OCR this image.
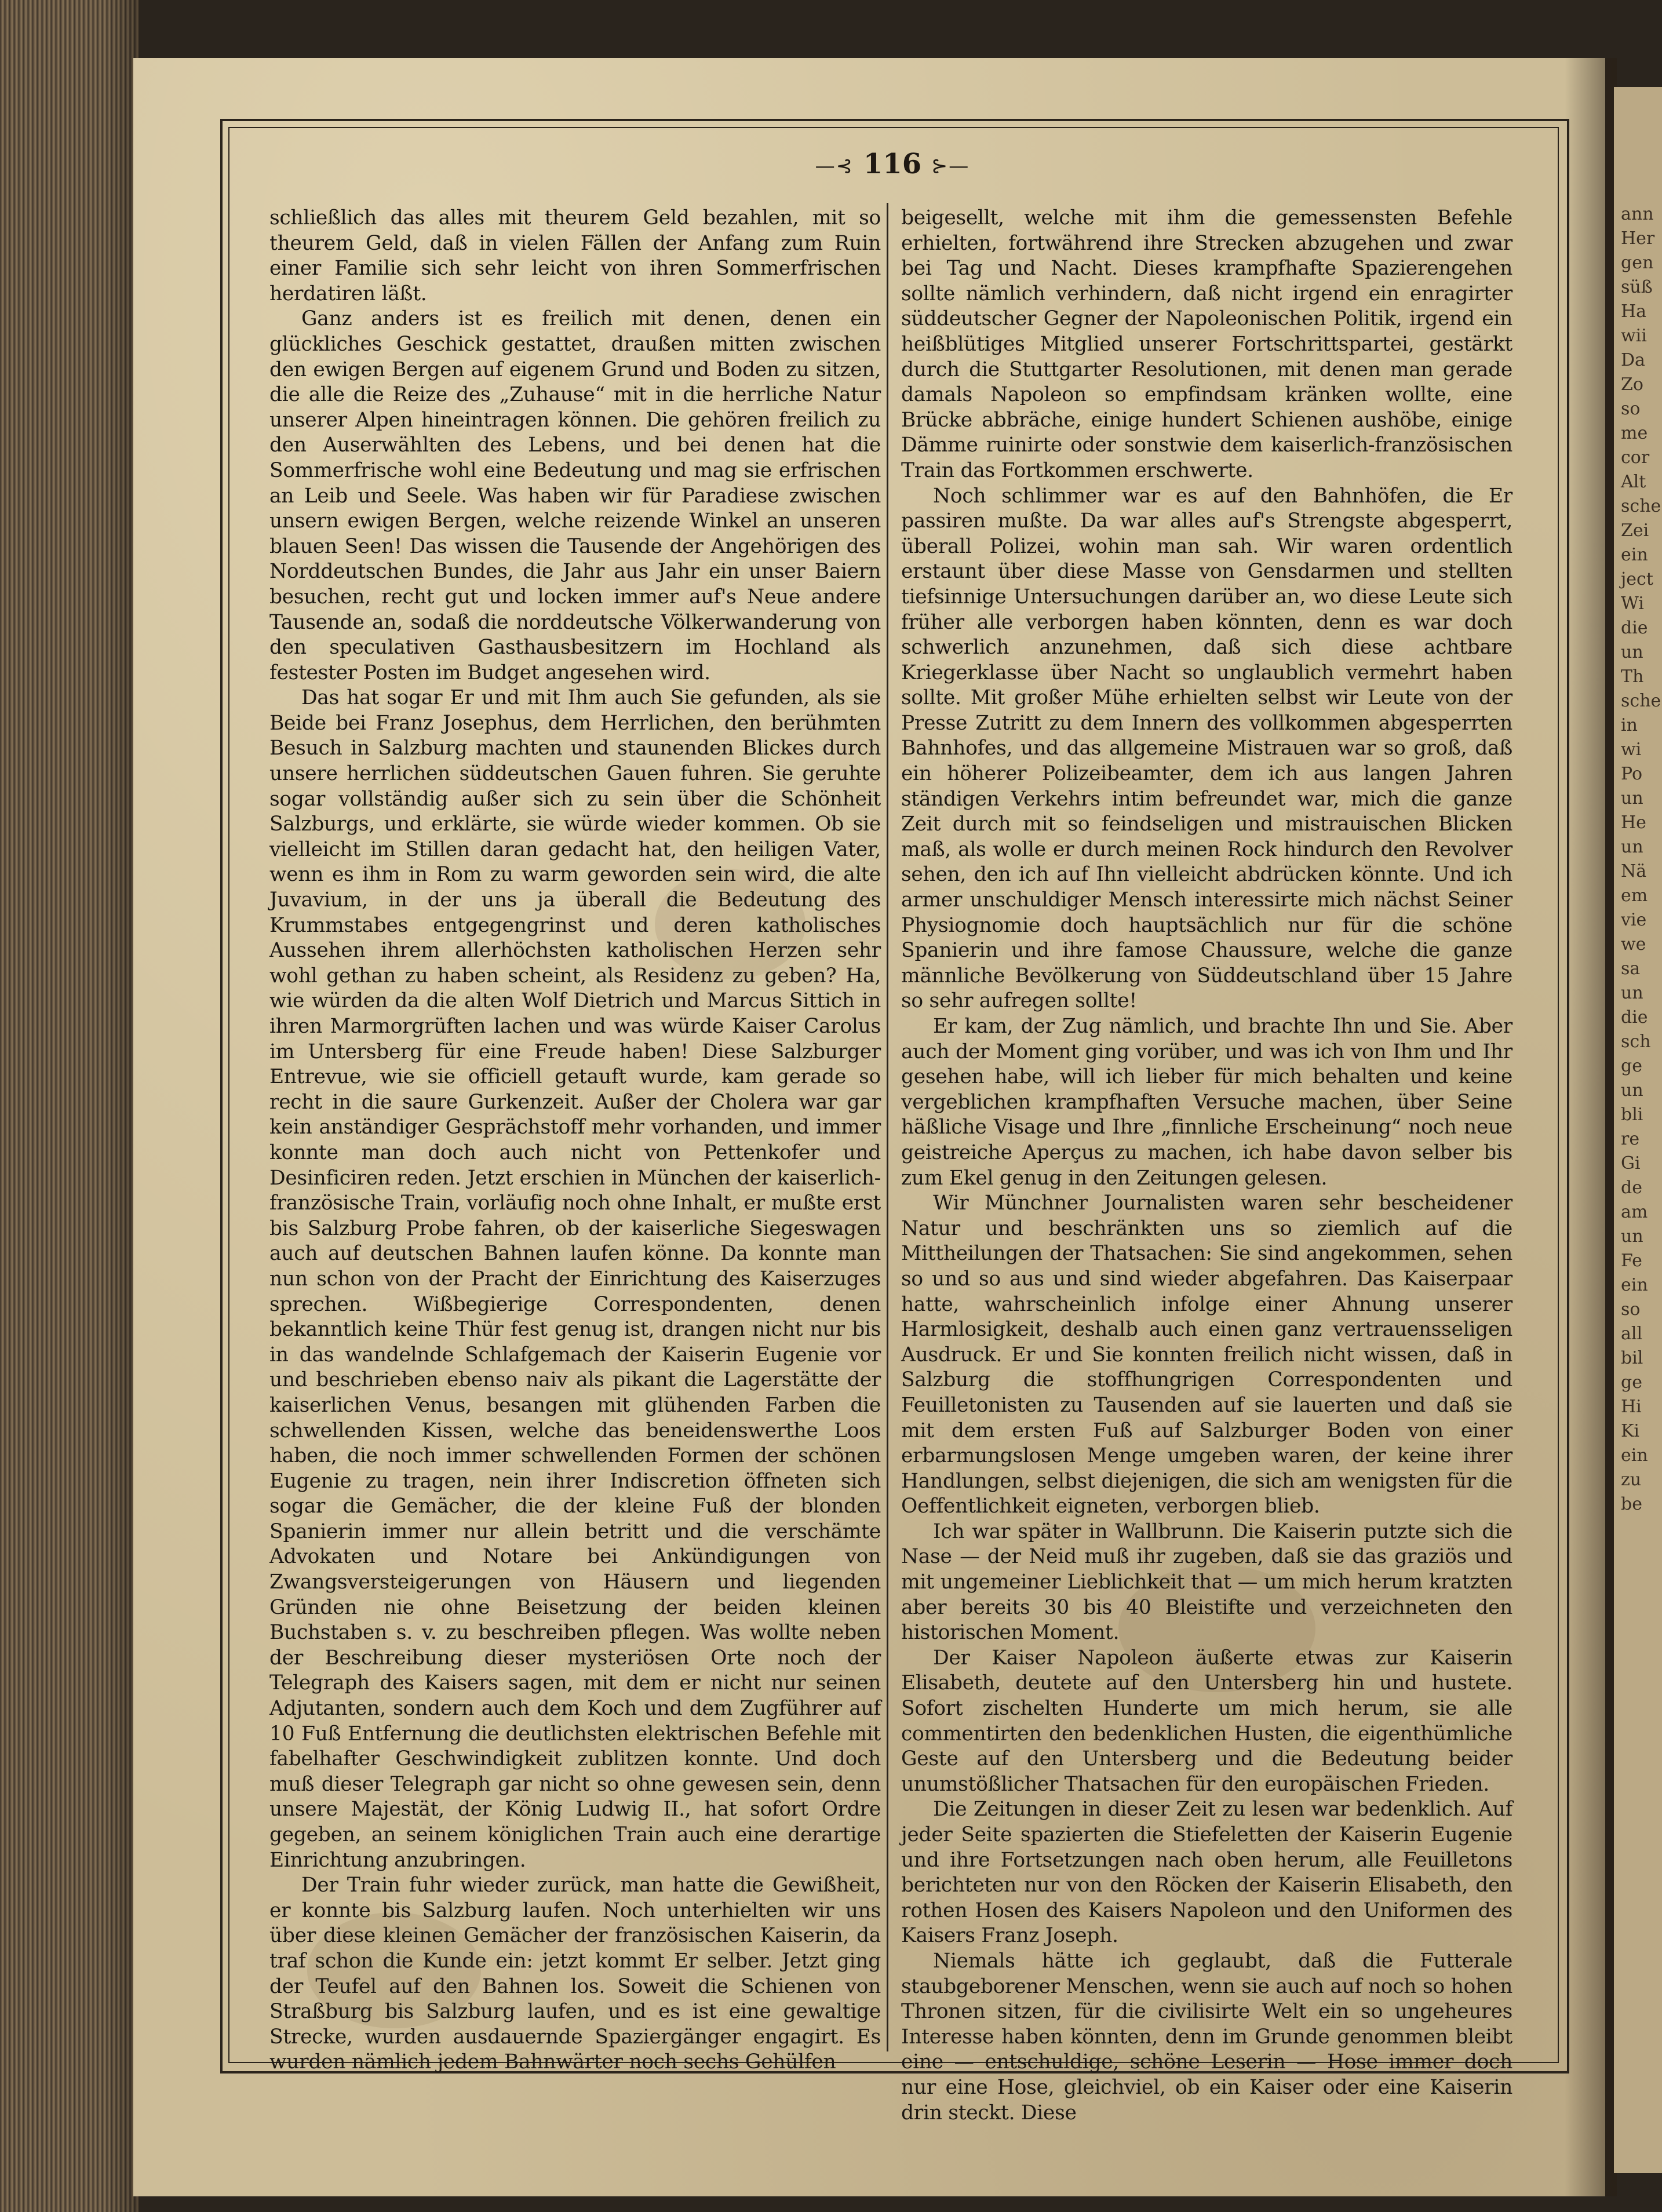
ann
Her
gen
süß
Ha
wii
Da
Zo
so
me
cor
Alt
sche
Zei
ein
ject
Wi
die
un
Th
sche
in
wi
Po
un
He
un
Nä
em
vie
we
sa
un
die
sch
ge
un
bli
re
Gi
de
am
un
Fe
ein
so
all
bil
ge
Hi
Ki
ein
zu
be
—⊰ 116 ⊱—

schließlich das alles mit theurem Geld bezahlen, mit so theurem Geld, daß in vielen Fällen der Anfang zum Ruin einer Familie sich sehr leicht von ihren Sommerfrischen herdatiren läßt.

Ganz anders ist es freilich mit denen, denen ein glückliches Geschick gestattet, draußen mitten zwischen den ewigen Bergen auf eigenem Grund und Boden zu sitzen, die alle die Reize des „Zuhause“ mit in die herrliche Natur unserer Alpen hineintragen können. Die gehören freilich zu den Auserwählten des Lebens, und bei denen hat die Sommerfrische wohl eine Bedeutung und mag sie erfrischen an Leib und Seele. Was haben wir für Paradiese zwischen unsern ewigen Bergen, welche reizende Winkel an unseren blauen Seen! Das wissen die Tausende der Angehörigen des Norddeutschen Bundes, die Jahr aus Jahr ein unser Baiern besuchen, recht gut und locken immer auf's Neue andere Tausende an, sodaß die norddeutsche Völkerwanderung von den speculativen Gasthausbesitzern im Hochland als festester Posten im Budget angesehen wird.

Das hat sogar Er und mit Ihm auch Sie gefunden, als sie Beide bei Franz Josephus, dem Herrlichen, den berühmten Besuch in Salzburg machten und staunenden Blickes durch unsere herrlichen süddeutschen Gauen fuhren. Sie geruhte sogar vollständig außer sich zu sein über die Schönheit Salzburgs, und erklärte, sie würde wieder kommen. Ob sie vielleicht im Stillen daran gedacht hat, den heiligen Vater, wenn es ihm in Rom zu warm geworden sein wird, die alte Juvavium, in der uns ja überall die Bedeutung des Krummstabes entgegengrinst und deren katholisches Aussehen ihrem allerhöchsten katholischen Herzen sehr wohl gethan zu haben scheint, als Residenz zu geben? Ha, wie würden da die alten Wolf Dietrich und Marcus Sittich in ihren Marmorgrüften lachen und was würde Kaiser Carolus im Untersberg für eine Freude haben! Diese Salzburger Entrevue, wie sie officiell getauft wurde, kam gerade so recht in die saure Gurkenzeit. Außer der Cholera war gar kein anständiger Gesprächstoff mehr vorhanden, und immer konnte man doch auch nicht von Pettenkofer und Desinficiren reden. Jetzt erschien in München der kaiserlich-französische Train, vorläufig noch ohne Inhalt, er mußte erst bis Salzburg Probe fahren, ob der kaiserliche Siegeswagen auch auf deutschen Bahnen laufen könne. Da konnte man nun schon von der Pracht der Einrichtung des Kaiserzuges sprechen. Wißbegierige Correspondenten, denen bekanntlich keine Thür fest genug ist, drangen nicht nur bis in das wandelnde Schlafgemach der Kaiserin Eugenie vor und beschrieben ebenso naiv als pikant die Lagerstätte der kaiserlichen Venus, besangen mit glühenden Farben die schwellenden Kissen, welche das beneidenswerthe Loos haben, die noch immer schwellenden Formen der schönen Eugenie zu tragen, nein ihrer Indiscretion öffneten sich sogar die Gemächer, die der kleine Fuß der blonden Spanierin immer nur allein betritt und die verschämte Advokaten und Notare bei Ankündigungen von Zwangsversteigerungen von Häusern und liegenden Gründen nie ohne Beisetzung der beiden kleinen Buchstaben s. v. zu beschreiben pflegen. Was wollte neben der Beschreibung dieser mysteriösen Orte noch der Telegraph des Kaisers sagen, mit dem er nicht nur seinen Adjutanten, sondern auch dem Koch und dem Zugführer auf 10 Fuß Entfernung die deutlichsten elektrischen Befehle mit fabelhafter Geschwindigkeit zublitzen konnte. Und doch muß dieser Telegraph gar nicht so ohne gewesen sein, denn unsere Majestät, der König Ludwig II., hat sofort Ordre gegeben, an seinem königlichen Train auch eine derartige Einrichtung anzubringen.

Der Train fuhr wieder zurück, man hatte die Gewißheit, er konnte bis Salzburg laufen. Noch unterhielten wir uns über diese kleinen Gemächer der französischen Kaiserin, da traf schon die Kunde ein: jetzt kommt Er selber. Jetzt ging der Teufel auf den Bahnen los. Soweit die Schienen von Straßburg bis Salzburg laufen, und es ist eine gewaltige Strecke, wurden ausdauernde Spaziergänger engagirt. Es wurden nämlich jedem Bahnwärter noch sechs Gehülfen

beigesellt, welche mit ihm die gemessensten Befehle erhielten, fortwährend ihre Strecken abzugehen und zwar bei Tag und Nacht. Dieses krampfhafte Spazierengehen sollte nämlich verhindern, daß nicht irgend ein enragirter süddeutscher Gegner der Napoleonischen Politik, irgend ein heißblütiges Mitglied unserer Fortschrittspartei, gestärkt durch die Stuttgarter Resolutionen, mit denen man gerade damals Napoleon so empfindsam kränken wollte, eine Brücke abbräche, einige hundert Schienen aushöbe, einige Dämme ruinirte oder sonstwie dem kaiserlich-französischen Train das Fortkommen erschwerte.

Noch schlimmer war es auf den Bahnhöfen, die Er passiren mußte. Da war alles auf's Strengste abgesperrt, überall Polizei, wohin man sah. Wir waren ordentlich erstaunt über diese Masse von Gensdarmen und stellten tiefsinnige Untersuchungen darüber an, wo diese Leute sich früher alle verborgen haben könnten, denn es war doch schwerlich anzunehmen, daß sich diese achtbare Kriegerklasse über Nacht so unglaublich vermehrt haben sollte. Mit großer Mühe erhielten selbst wir Leute von der Presse Zutritt zu dem Innern des vollkommen abgesperrten Bahnhofes, und das allgemeine Mistrauen war so groß, daß ein höherer Polizeibeamter, dem ich aus langen Jahren ständigen Verkehrs intim befreundet war, mich die ganze Zeit durch mit so feindseligen und mistrauischen Blicken maß, als wolle er durch meinen Rock hindurch den Revolver sehen, den ich auf Ihn vielleicht abdrücken könnte. Und ich armer unschuldiger Mensch interessirte mich nächst Seiner Physiognomie doch hauptsächlich nur für die schöne Spanierin und ihre famose Chaussure, welche die ganze männliche Bevölkerung von Süddeutschland über 15 Jahre so sehr aufregen sollte!

Er kam, der Zug nämlich, und brachte Ihn und Sie. Aber auch der Moment ging vorüber, und was ich von Ihm und Ihr gesehen habe, will ich lieber für mich behalten und keine vergeblichen krampfhaften Versuche machen, über Seine häßliche Visage und Ihre „finnliche Erscheinung“ noch neue geistreiche Aperçus zu machen, ich habe davon selber bis zum Ekel genug in den Zeitungen gelesen.

Wir Münchner Journalisten waren sehr bescheidener Natur und beschränkten uns so ziemlich auf die Mittheilungen der Thatsachen: Sie sind angekommen, sehen so und so aus und sind wieder abgefahren. Das Kaiserpaar hatte, wahrscheinlich infolge einer Ahnung unserer Harmlosigkeit, deshalb auch einen ganz vertrauensseligen Ausdruck. Er und Sie konnten freilich nicht wissen, daß in Salzburg die stoffhungrigen Correspondenten und Feuilletonisten zu Tausenden auf sie lauerten und daß sie mit dem ersten Fuß auf Salzburger Boden von einer erbarmungslosen Menge umgeben waren, der keine ihrer Handlungen, selbst diejenigen, die sich am wenigsten für die Oeffentlichkeit eigneten, verborgen blieb.

Ich war später in Wallbrunn. Die Kaiserin putzte sich die Nase — der Neid muß ihr zugeben, daß sie das graziös und mit ungemeiner Lieblichkeit that — um mich herum kratzten aber bereits 30 bis 40 Bleistifte und verzeichneten den historischen Moment.

Der Kaiser Napoleon äußerte etwas zur Kaiserin Elisabeth, deutete auf den Untersberg hin und hustete. Sofort zischelten Hunderte um mich herum, sie alle commentirten den bedenklichen Husten, die eigenthümliche Geste auf den Untersberg und die Bedeutung beider unumstößlicher Thatsachen für den europäischen Frieden.

Die Zeitungen in dieser Zeit zu lesen war bedenklich. Auf jeder Seite spazierten die Stiefeletten der Kaiserin Eugenie und ihre Fortsetzungen nach oben herum, alle Feuilletons berichteten nur von den Röcken der Kaiserin Elisabeth, den rothen Hosen des Kaisers Napoleon und den Uniformen des Kaisers Franz Joseph.

Niemals hätte ich geglaubt, daß die Futterale staubgeborener Menschen, wenn sie auch auf noch so hohen Thronen sitzen, für die civilisirte Welt ein so ungeheures Interesse haben könnten, denn im Grunde genommen bleibt eine — entschuldige, schöne Leserin — Hose immer doch nur eine Hose, gleichviel, ob ein Kaiser oder eine Kaiserin drin steckt. Diese
